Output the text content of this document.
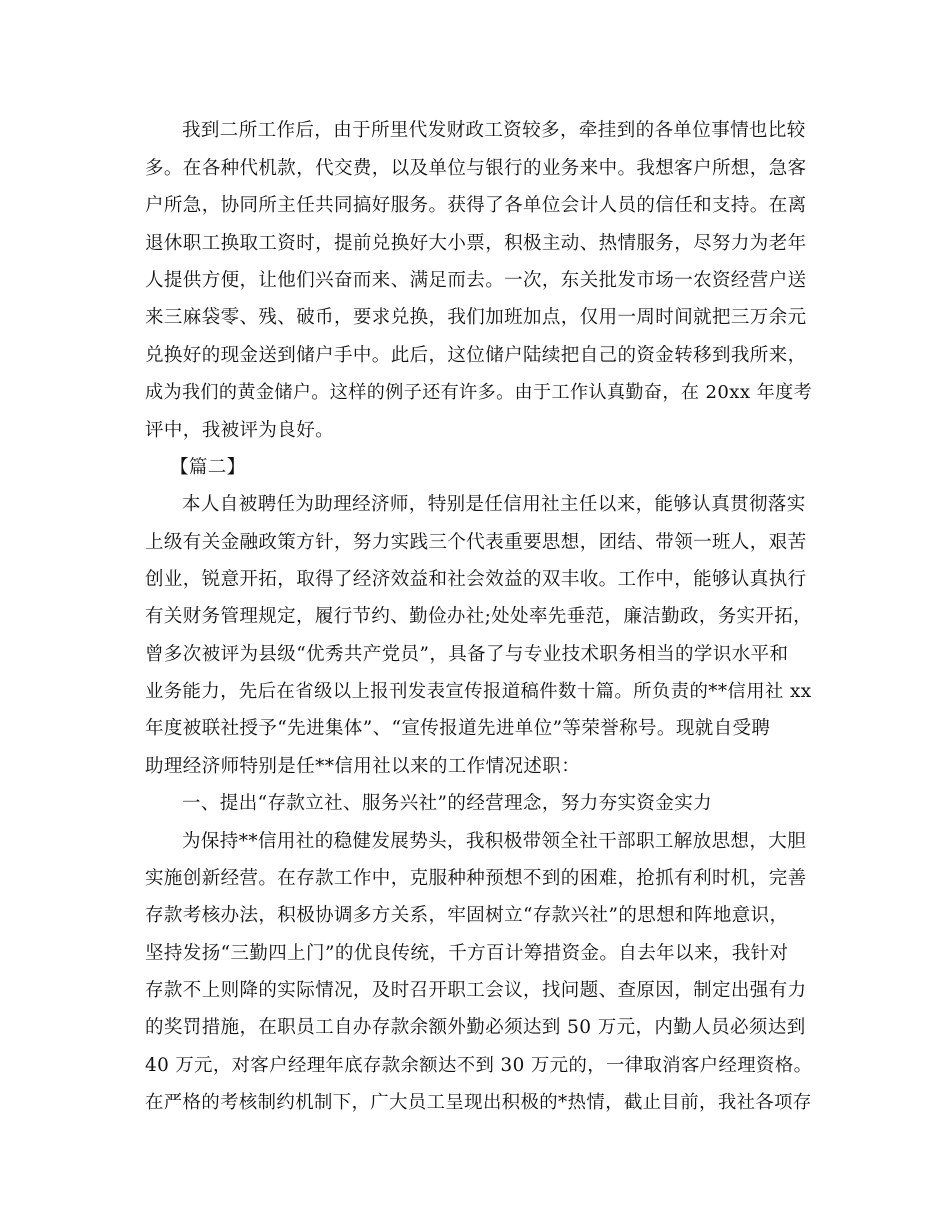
我到二所工作后，由于所里代发财政工资较多，牵挂到的各单位事情也比较
多。在各种代机款，代交费，以及单位与银行的业务来中。我想客户所想，急客
户所急，协同所主任共同搞好服务。获得了各单位会计人员的信任和支持。在离
退休职工换取工资时，提前兑换好大小票，积极主动、热情服务，尽努力为老年
人提供方便，让他们兴奋而来、满足而去。一次，东关批发市场一农资经营户送
来三麻袋零、残、破币，要求兑换，我们加班加点，仅用一周时间就把三万余元
兑换好的现金送到储户手中。此后，这位储户陆续把自己的资金转移到我所来，
成为我们的黄金储户。这样的例子还有许多。由于工作认真勤奋，在 20xx 年度考
评中，我被评为良好。
【篇二】
本人自被聘任为助理经济师，特别是任信用社主任以来，能够认真贯彻落实
上级有关金融政策方针，努力实践三个代表重要思想，团结、带领一班人，艰苦
创业，锐意开拓，取得了经济效益和社会效益的双丰收。工作中，能够认真执行
有关财务管理规定，履行节约、勤俭办社;处处率先垂范，廉洁勤政，务实开拓，
曾多次被评为县级“优秀共产党员”，具备了与专业技术职务相当的学识水平和
业务能力，先后在省级以上报刊发表宣传报道稿件数十篇。所负责的**信用社 xx
年度被联社授予“先进集体”、“宣传报道先进单位”等荣誉称号。现就自受聘
助理经济师特别是任**信用社以来的工作情况述职：
一、提出“存款立社、服务兴社”的经营理念，努力夯实资金实力
为保持**信用社的稳健发展势头，我积极带领全社干部职工解放思想，大胆
实施创新经营。在存款工作中，克服种种预想不到的困难，抢抓有利时机，完善
存款考核办法，积极协调多方关系，牢固树立“存款兴社”的思想和阵地意识，
坚持发扬“三勤四上门”的优良传统，千方百计筹措资金。自去年以来，我针对
存款不上则降的实际情况，及时召开职工会议，找问题、查原因，制定出强有力
的奖罚措施，在职员工自办存款余额外勤必须达到 50 万元，内勤人员必须达到
40 万元，对客户经理年底存款余额达不到 30 万元的，一律取消客户经理资格。
在严格的考核制约机制下，广大员工呈现出积极的*热情，截止目前，我社各项存
